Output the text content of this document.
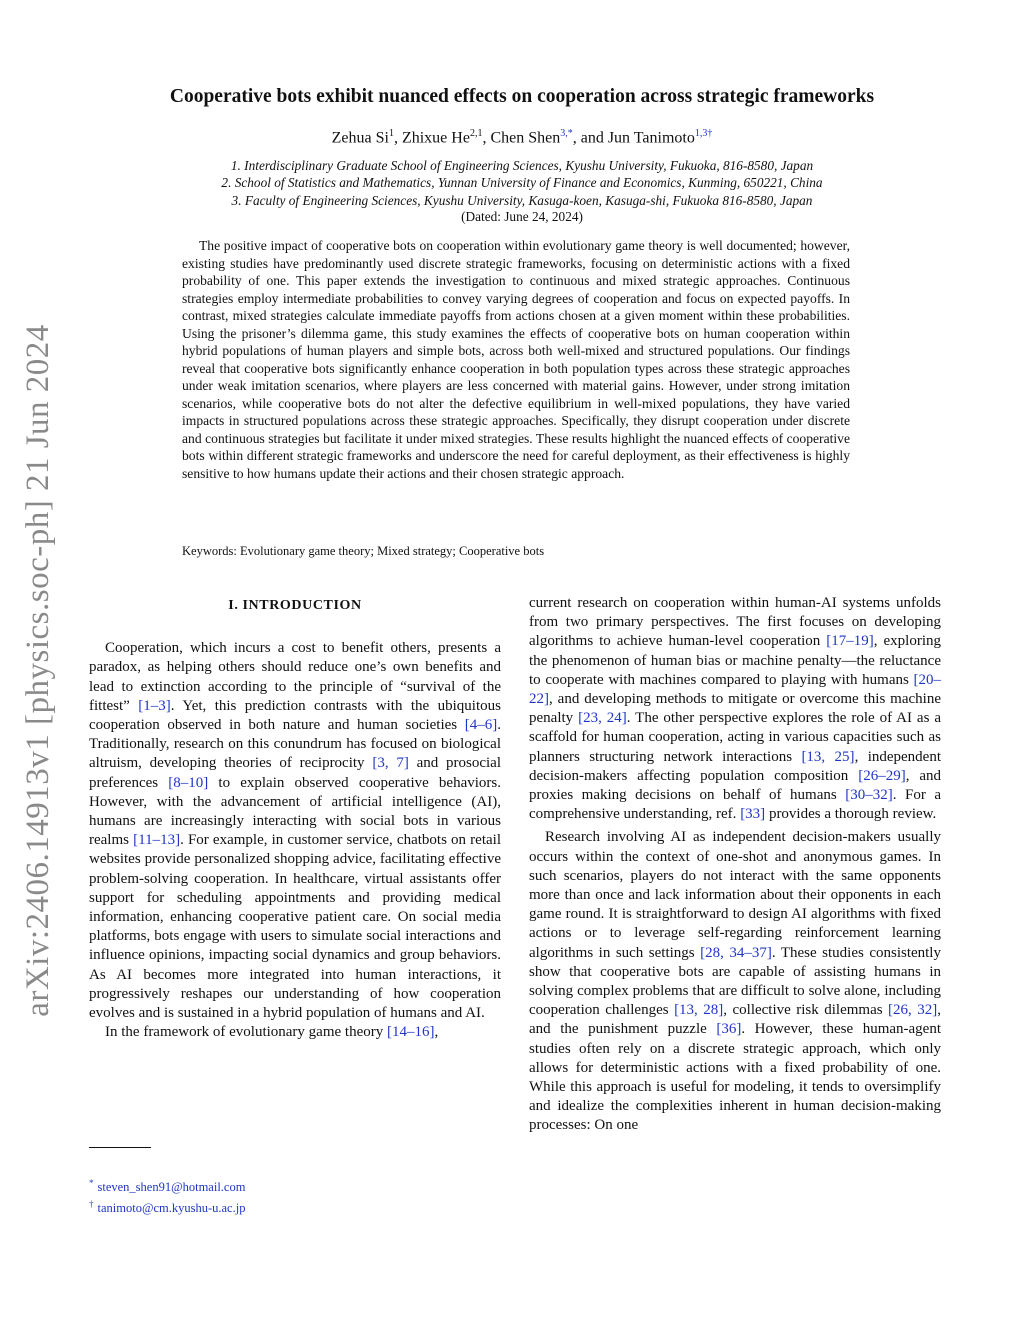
arXiv:2406.14913v1 [physics.soc-ph] 21 Jun 2024
Cooperative bots exhibit nuanced effects on cooperation across strategic frameworks
Zehua Si$^1$, Zhixue He$^{2,1}$, Chen Shen$^{3,*}$, and Jun Tanimoto$^{1,3\dagger}$
1. Interdisciplinary Graduate School of Engineering Sciences, Kyushu University, Fukuoka, 816-8580, Japan
2. School of Statistics and Mathematics, Yunnan University of Finance and Economics, Kunming, 650221, China
3. Faculty of Engineering Sciences, Kyushu University, Kasuga-koen, Kasuga-shi, Fukuoka 816-8580, Japan
(Dated: June 24, 2024)

The positive impact of cooperative bots on cooperation within evolutionary game theory is well documented; however, existing studies have predominantly used discrete strategic frameworks, focusing on deterministic actions with a fixed probability of one. This paper extends the investigation to continuous and mixed strategic approaches. Continuous strategies employ intermediate probabilities to convey varying degrees of cooperation and focus on expected payoffs. In contrast, mixed strategies calculate immediate payoffs from actions chosen at a given moment within these probabilities. Using the prisoner’s dilemma game, this study examines the effects of cooperative bots on human cooperation within hybrid populations of human players and simple bots, across both well-mixed and structured populations. Our findings reveal that cooperative bots significantly enhance cooperation in both population types across these strategic approaches under weak imitation scenarios, where players are less concerned with material gains. However, under strong imitation scenarios, while cooperative bots do not alter the defective equilibrium in well-mixed populations, they have varied impacts in structured populations across these strategic approaches. Specifically, they disrupt cooperation under discrete and continuous strategies but facilitate it under mixed strategies. These results highlight the nuanced effects of cooperative bots within different strategic frameworks and underscore the need for careful deployment, as their effectiveness is highly sensitive to how humans update their actions and their chosen strategic approach.

Keywords: Evolutionary game theory; Mixed strategy; Cooperative bots
I. INTRODUCTION

Cooperation, which incurs a cost to benefit others, presents a paradox, as helping others should reduce one’s own benefits and lead to extinction according to the principle of “survival of the fittest” [1–3]. Yet, this prediction contrasts with the ubiquitous cooperation observed in both nature and human societies [4–6]. Traditionally, research on this conundrum has focused on biological altruism, developing theories of reciprocity [3, 7] and prosocial preferences [8–10] to explain observed cooperative behaviors. However, with the advancement of artificial intelligence (AI), humans are increasingly interacting with social bots in various realms [11–13]. For example, in customer service, chatbots on retail websites provide personalized shopping advice, facilitating effective problem-solving cooperation. In healthcare, virtual assistants offer support for scheduling appointments and providing medical information, enhancing cooperative patient care. On social media platforms, bots engage with users to simulate social interactions and influence opinions, impacting social dynamics and group behaviors. As AI becomes more integrated into human interactions, it progressively reshapes our understanding of how cooperation evolves and is sustained in a hybrid population of humans and AI.

In the framework of evolutionary game theory [14–16],

current research on cooperation within human-AI systems unfolds from two primary perspectives. The first focuses on developing algorithms to achieve human-level cooperation [17–19], exploring the phenomenon of human bias or machine penalty—the reluctance to cooperate with machines compared to playing with humans [20–22], and developing methods to mitigate or overcome this machine penalty [23, 24]. The other perspective explores the role of AI as a scaffold for human cooperation, acting in various capacities such as planners structuring network interactions [13, 25], independent decision-makers affecting population composition [26–29], and proxies making decisions on behalf of humans [30–32]. For a comprehensive understanding, ref. [33] provides a thorough review.

Research involving AI as independent decision-makers usually occurs within the context of one-shot and anonymous games. In such scenarios, players do not interact with the same opponents more than once and lack information about their opponents in each game round. It is straightforward to design AI algorithms with fixed actions or to leverage self-regarding reinforcement learning algorithms in such settings [28, 34–37]. These studies consistently show that cooperative bots are capable of assisting humans in solving complex problems that are difficult to solve alone, including cooperation challenges [13, 28], collective risk dilemmas [26, 32], and the punishment puzzle [36]. However, these human-agent studies often rely on a discrete strategic approach, which only allows for deterministic actions with a fixed probability of one. While this approach is useful for modeling, it tends to oversimplify and idealize the complexities inherent in human decision-making processes: On one

* steven_shen91@hotmail.com
† tanimoto@cm.kyushu-u.ac.jp
